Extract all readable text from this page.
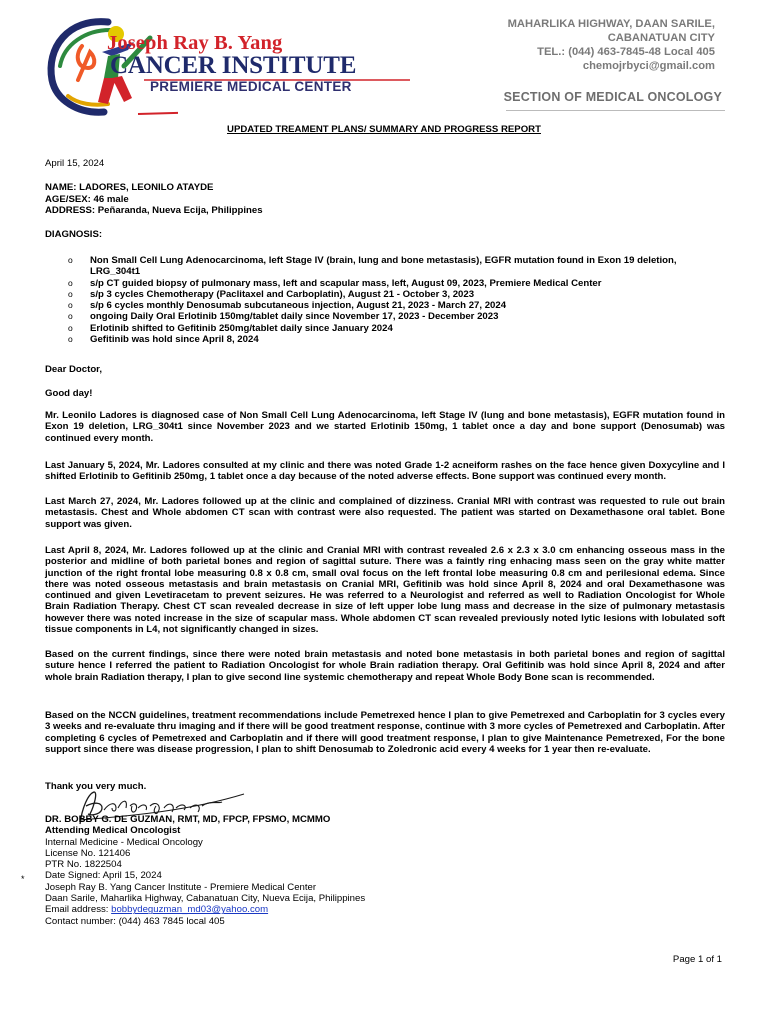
Joseph Ray B. Yang
CANCER INSTITUTE
PREMIERE MEDICAL CENTER
MAHARLIKA HIGHWAY, DAAN SARILE,
CABANATUAN CITY
TEL.: (044) 463-7845-48 Local 405
chemojrbyci@gmail.com
SECTION OF MEDICAL ONCOLOGY
UPDATED TREAMENT PLANS/ SUMMARY AND PROGRESS REPORT
April 15, 2024
NAME: LADORES, LEONILO ATAYDE
AGE/SEX: 46 male
ADDRESS: Peñaranda, Nueva Ecija, Philippines
DIAGNOSIS:
o Non Small Cell Lung Adenocarcinoma, left Stage IV (brain, lung and bone metastasis), EGFR mutation found in Exon 19 deletion, LRG_304t1
o s/p CT guided biopsy of pulmonary mass, left and scapular mass, left, August 09, 2023, Premiere Medical Center
o s/p 3 cycles Chemotherapy (Paclitaxel and Carboplatin), August 21 - October 3, 2023
o s/p 6 cycles monthly Denosumab subcutaneous injection, August 21, 2023 - March 27, 2024
o ongoing Daily Oral Erlotinib 150mg/tablet daily since November 17, 2023 - December 2023
o Erlotinib shifted to Gefitinib 250mg/tablet daily since January 2024
o Gefitinib was hold since April 8, 2024
Dear Doctor,
Good day!
Mr. Leonilo Ladores is diagnosed case of Non Small Cell Lung Adenocarcinoma, left Stage IV (lung and bone metastasis), EGFR mutation found in Exon 19 deletion, LRG_304t1 since November 2023 and we started Erlotinib 150mg, 1 tablet once a day and bone support (Denosumab) was continued every month.
Last January 5, 2024, Mr. Ladores consulted at my clinic and there was noted Grade 1-2 acneiform rashes on the face hence given Doxycyline and I shifted Erlotinib to Gefitinib 250mg, 1 tablet once a day because of the noted adverse effects. Bone support was continued every month.
Last March 27, 2024, Mr. Ladores followed up at the clinic and complained of dizziness. Cranial MRI with contrast was requested to rule out brain metastasis. Chest and Whole abdomen CT scan with contrast were also requested. The patient was started on Dexamethasone oral tablet. Bone support was given.
Last April 8, 2024, Mr. Ladores followed up at the clinic and Cranial MRI with contrast revealed 2.6 x 2.3 x 3.0 cm enhancing osseous mass in the posterior and midline of both parietal bones and region of sagittal suture. There was a faintly ring enhacing mass seen on the gray white matter junction of the right frontal lobe measuring 0.8 x 0.8 cm, small oval focus on the left frontal lobe measuring 0.8 cm and perilesional edema. Since there was noted osseous metastasis and brain metastasis on Cranial MRI, Gefitinib was hold since April 8, 2024 and oral Dexamethasone was continued and given Levetiracetam to prevent seizures. He was referred to a Neurologist and referred as well to Radiation Oncologist for Whole Brain Radiation Therapy. Chest CT scan revealed decrease in size of left upper lobe lung mass and decrease in the size of pulmonary metastasis however there was noted increase in the size of scapular mass. Whole abdomen CT scan revealed previously noted lytic lesions with lobulated soft tissue components in L4, not significantly changed in sizes.
Based on the current findings, since there were noted brain metastasis and noted bone metastasis in both parietal bones and region of sagittal suture hence I referred the patient to Radiation Oncologist for whole Brain radiation therapy. Oral Gefitinib was hold since April 8, 2024 and after whole brain Radiation therapy, I plan to give second line systemic chemotherapy and repeat Whole Body Bone scan is recommended.
Based on the NCCN guidelines, treatment recommendations include Pemetrexed hence I plan to give Pemetrexed and Carboplatin for 3 cycles every 3 weeks and re-evaluate thru imaging and if there will be good treatment response, continue with 3 more cycles of Pemetrexed and Carboplatin. After completing 6 cycles of Pemetrexed and Carboplatin and if there will good treatment response, I plan to give Maintenance Pemetrexed, For the bone support since there was disease progression, I plan to shift Denosumab to Zoledronic acid every 4 weeks for 1 year then re-evaluate.
Thank you very much.
*
DR. BOBBY G. DE GUZMAN, RMT, MD, FPCP, FPSMO, MCMMO
Attending Medical Oncologist
Internal Medicine - Medical Oncology
License No. 121406
PTR No. 1822504
Date Signed: April 15, 2024
Joseph Ray B. Yang Cancer Institute - Premiere Medical Center
Daan Sarile, Maharlika Highway, Cabanatuan City, Nueva Ecija, Philippines
Email address: bobbydeguzman_md03@yahoo.com
Contact number: (044) 463 7845 local 405
Page 1 of 1
